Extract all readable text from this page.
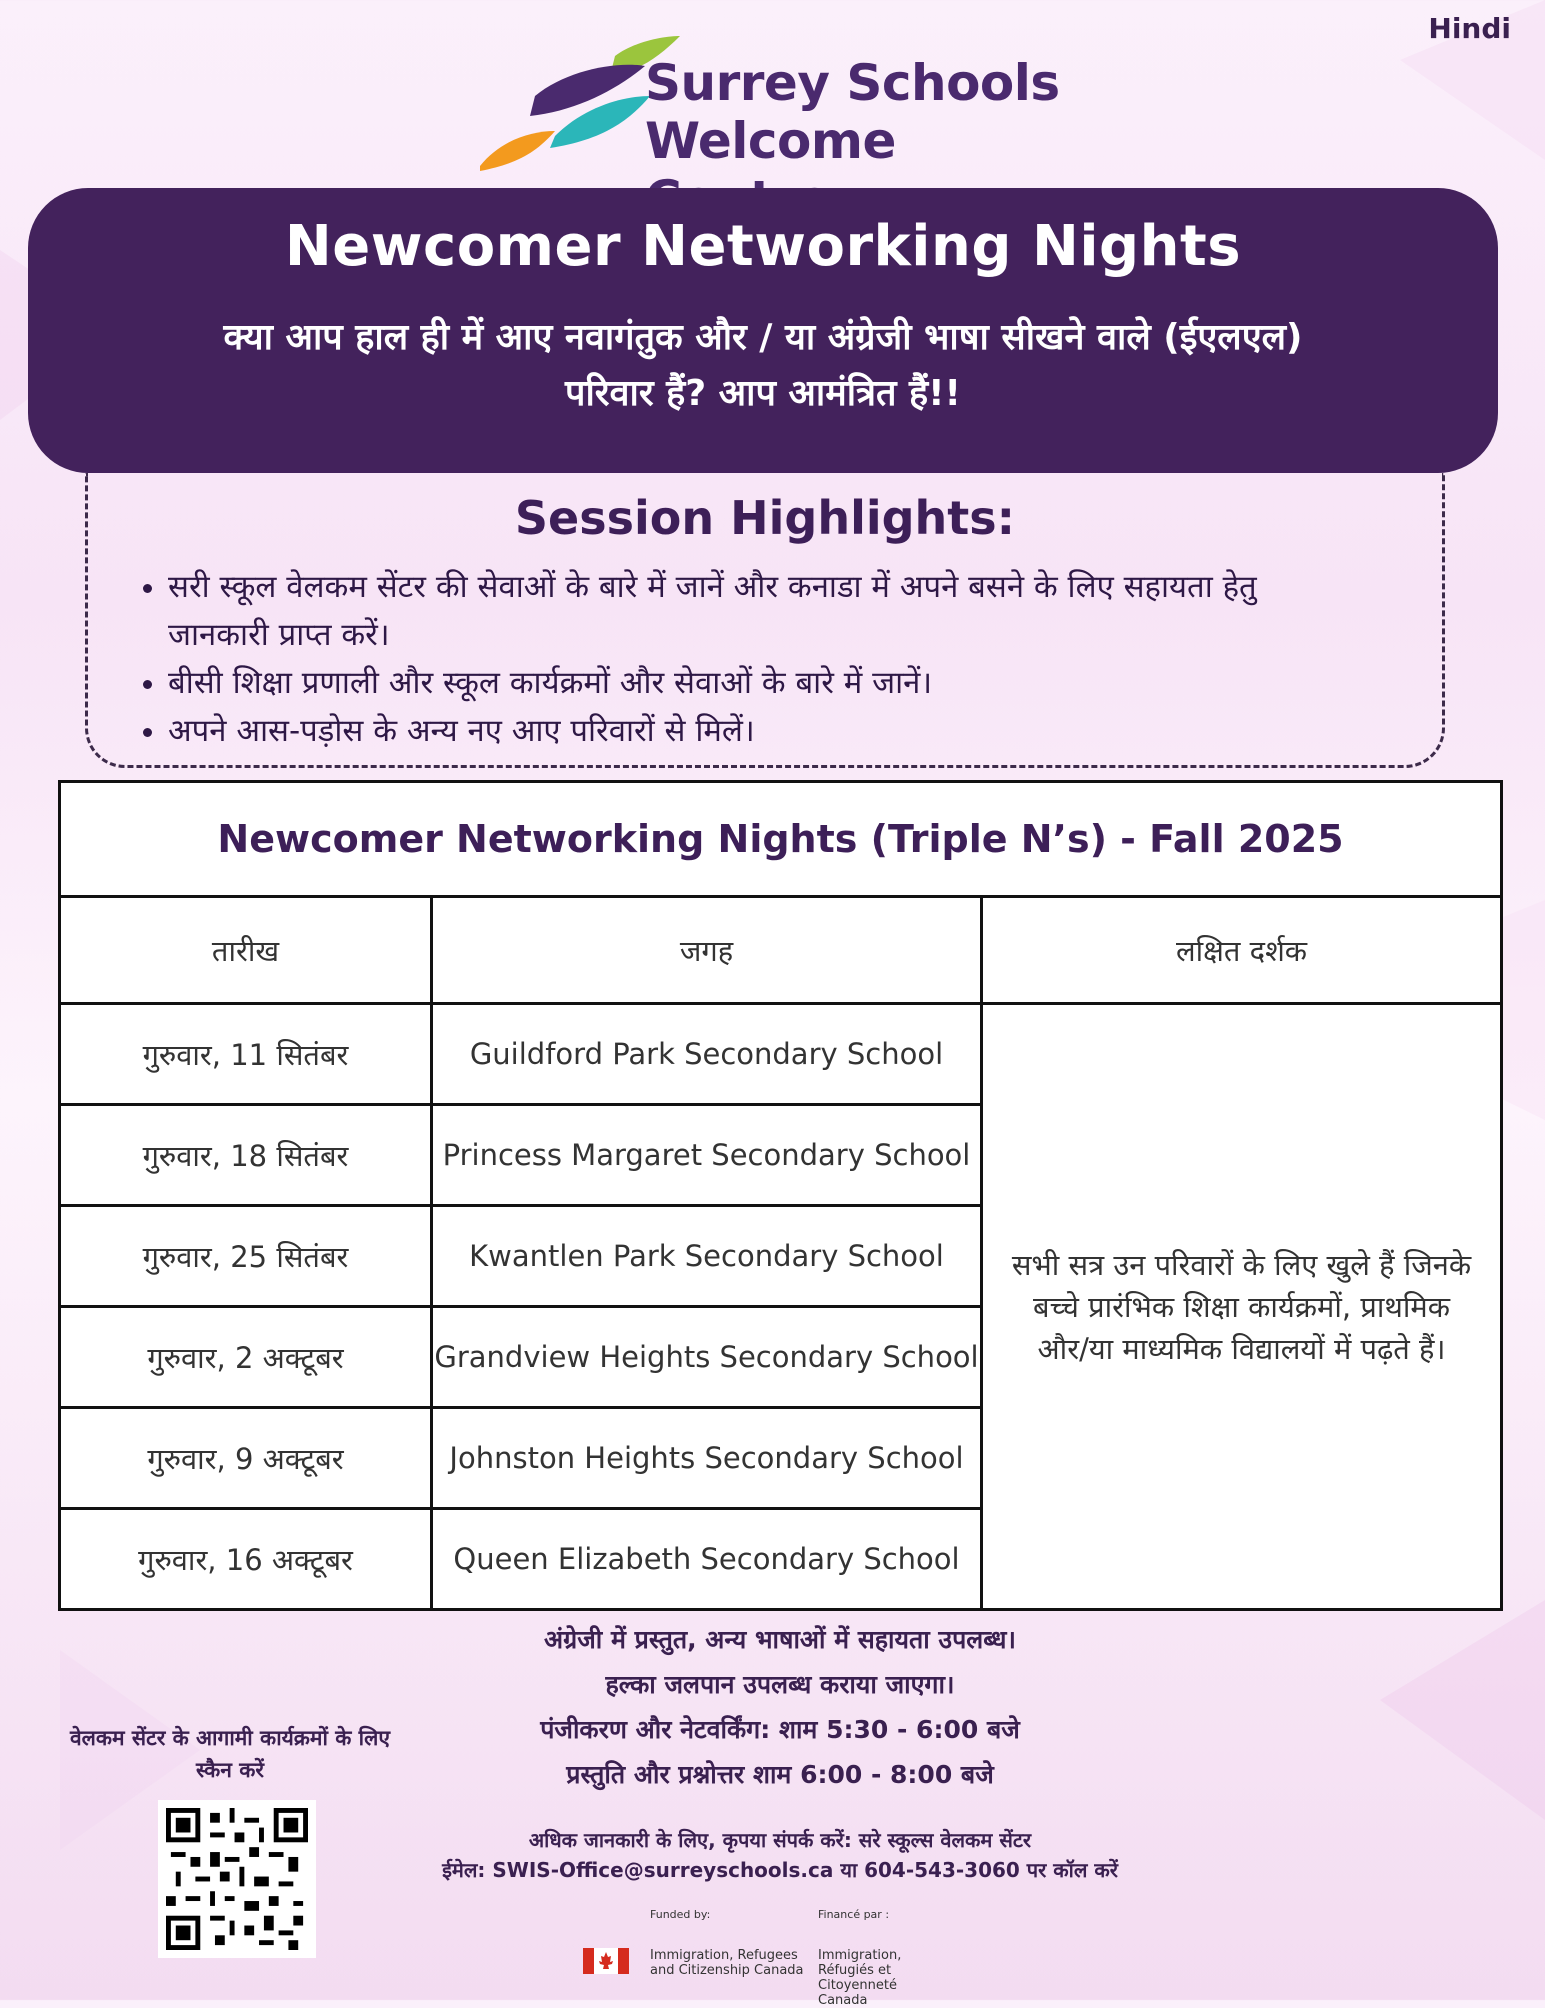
Hindi
Surrey Schools
Welcome
Newcomer Networking Nights
क्या आप हाल ही में आए नवागंतुक और / या अंग्रेजी भाषा सीखने वाले (ईएलएल) परिवार हैं? आप आमंत्रित हैं!!
Session Highlights:
• सरी स्कूल वेलकम सेंटर की सेवाओं के बारे में जानें और कनाडा में अपने बसने के लिए सहायता हेतु जानकारी प्राप्त करें।
• बीसी शिक्षा प्रणाली और स्कूल कार्यक्रमों और सेवाओं के बारे में जानें।
• अपने आस-पड़ोस के अन्य नए आए परिवारों से मिलें।
Newcomer Networking Nights (Triple N’s) - Fall 2025		
तारीख	जगह	लक्षित दर्शक
गुरुवार, 11 सितंबर	Guildford Park Secondary School	सभी सत्र उन परिवारों के लिए खुले हैं जिनके बच्चे प्रारंभिक शिक्षा कार्यक्रमों, प्राथमिक और/या माध्यमिक विद्यालयों में पढ़ते हैं।
गुरुवार, 18 सितंबर	Princess Margaret Secondary School	
गुरुवार, 25 सितंबर	Kwantlen Park Secondary School	
गुरुवार, 2 अक्टूबर	Grandview Heights Secondary School	
गुरुवार, 9 अक्टूबर	Johnston Heights Secondary School	
गुरुवार, 16 अक्टूबर	Queen Elizabeth Secondary School	
अंग्रेजी में प्रस्तुत, अन्य भाषाओं में सहायता उपलब्ध।
हल्का जलपान उपलब्ध कराया जाएगा।
पंजीकरण और नेटवर्किंग: शाम 5:30 - 6:00 बजे
प्रस्तुति और प्रश्नोत्तर शाम 6:00 - 8:00 बजे
वेलकम सेंटर के आगामी कार्यक्रमों के लिए स्कैन करें
अधिक जानकारी के लिए, कृपया संपर्क करें: सरे स्कूल्स वेलकम सेंटर
ईमेल: SWIS-Office@surreyschools.ca या 604-543-3060 पर कॉल करें
Funded by:	Financé par :
Immigration, Refugees and Citizenship Canada
Immigration, Réfugiés et Citoyenneté Canada
